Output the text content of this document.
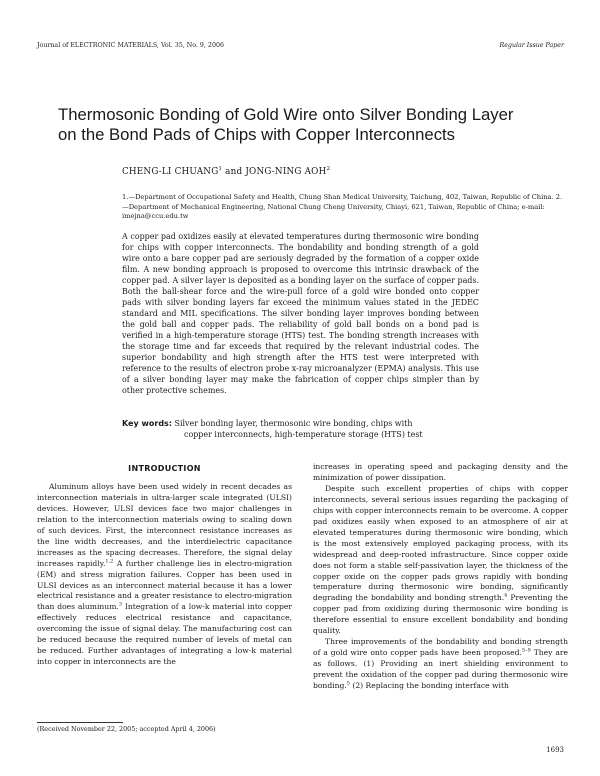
Journal of ELECTRONIC MATERIALS, Vol. 35, No. 9, 2006	Regular Issue Paper
Thermosonic Bonding of Gold Wire onto Silver Bonding Layer
on the Bond Pads of Chips with Copper Interconnects
CHENG-LI CHUANG$^1$ and JONG-NING AOH$^2$
1.—Department of Occupational Safety and Health, Chung Shan Medical University, Taichung, 402, Taiwan, Republic of China. 2.—Department of Mechanical Engineering, National Chung Cheng University, Chiayi, 621, Taiwan, Republic of China; e-mail: imejna@ccu.edu.tw
A copper pad oxidizes easily at elevated temperatures during thermosonic wire bonding for chips with copper interconnects. The bondability and bonding strength of a gold wire onto a bare copper pad are seriously degraded by the formation of a copper oxide film. A new bonding approach is proposed to overcome this intrinsic drawback of the copper pad. A silver layer is deposited as a bonding layer on the surface of copper pads. Both the ball-shear force and the wire-pull force of a gold wire bonded onto copper pads with silver bonding layers far exceed the minimum values stated in the JEDEC standard and MIL specifications. The silver bonding layer improves bonding between the gold ball and copper pads. The reliability of gold ball bonds on a bond pad is verified in a high-temperature storage (HTS) test. The bonding strength increases with the storage time and far exceeds that required by the relevant industrial codes. The superior bondability and high strength after the HTS test were interpreted with reference to the results of electron probe x-ray microanalyzer (EPMA) analysis. This use of a silver bonding layer may make the fabrication of copper chips simpler than by other protective schemes.
Key words: Silver bonding layer, thermosonic wire bonding, chips with
copper interconnects, high-temperature storage (HTS) test

INTRODUCTION

Aluminum alloys have been used widely in recent decades as interconnection materials in ultra-larger scale integrated (ULSI) devices. However, ULSI devices face two major challenges in relation to the interconnection materials owing to scaling down of such devices. First, the interconnect resistance increases as the line width decreases, and the interdielectric capacitance increases as the spacing decreases. Therefore, the signal delay increases rapidly.$^{1,2}$ A further challenge lies in electro-migration (EM) and stress migration failures. Copper has been used in ULSI devices as an interconnect material because it has a lower electrical resistance and a greater resistance to electro-migration than does aluminum.$^3$ Integration of a low-k material into copper effectively reduces electrical resistance and capacitance, overcoming the issue of signal delay. The manufacturing cost can be reduced because the required number of levels of metal can be reduced. Further advantages of integrating a low-k material into copper in interconnects are the

increases in operating speed and packaging density and the minimization of power dissipation.

Despite such excellent properties of chips with copper interconnects, several serious issues regarding the packaging of chips with copper interconnects remain to be overcome. A copper pad oxidizes easily when exposed to an atmosphere of air at elevated temperatures during thermosonic wire bonding, which is the most extensively employed packaging process, with its widespread and deep-rooted infrastructure. Since copper oxide does not form a stable self-passivation layer, the thickness of the copper oxide on the copper pads grows rapidly with bonding temperature during thermosonic wire bonding, significantly degrading the bondability and bonding strength.$^4$ Preventing the copper pad from oxidizing during thermosonic wire bonding is therefore essential to ensure excellent bondability and bonding quality.

Three improvements of the bondability and bonding strength of a gold wire onto copper pads have been proposed.$^{5-9}$ They are as follows. (1) Providing an inert shielding environment to prevent the oxidation of the copper pad during thermosonic wire bonding.$^5$ (2) Replacing the bonding interface with

(Received November 22, 2005; accepted April 4, 2006)
1693
